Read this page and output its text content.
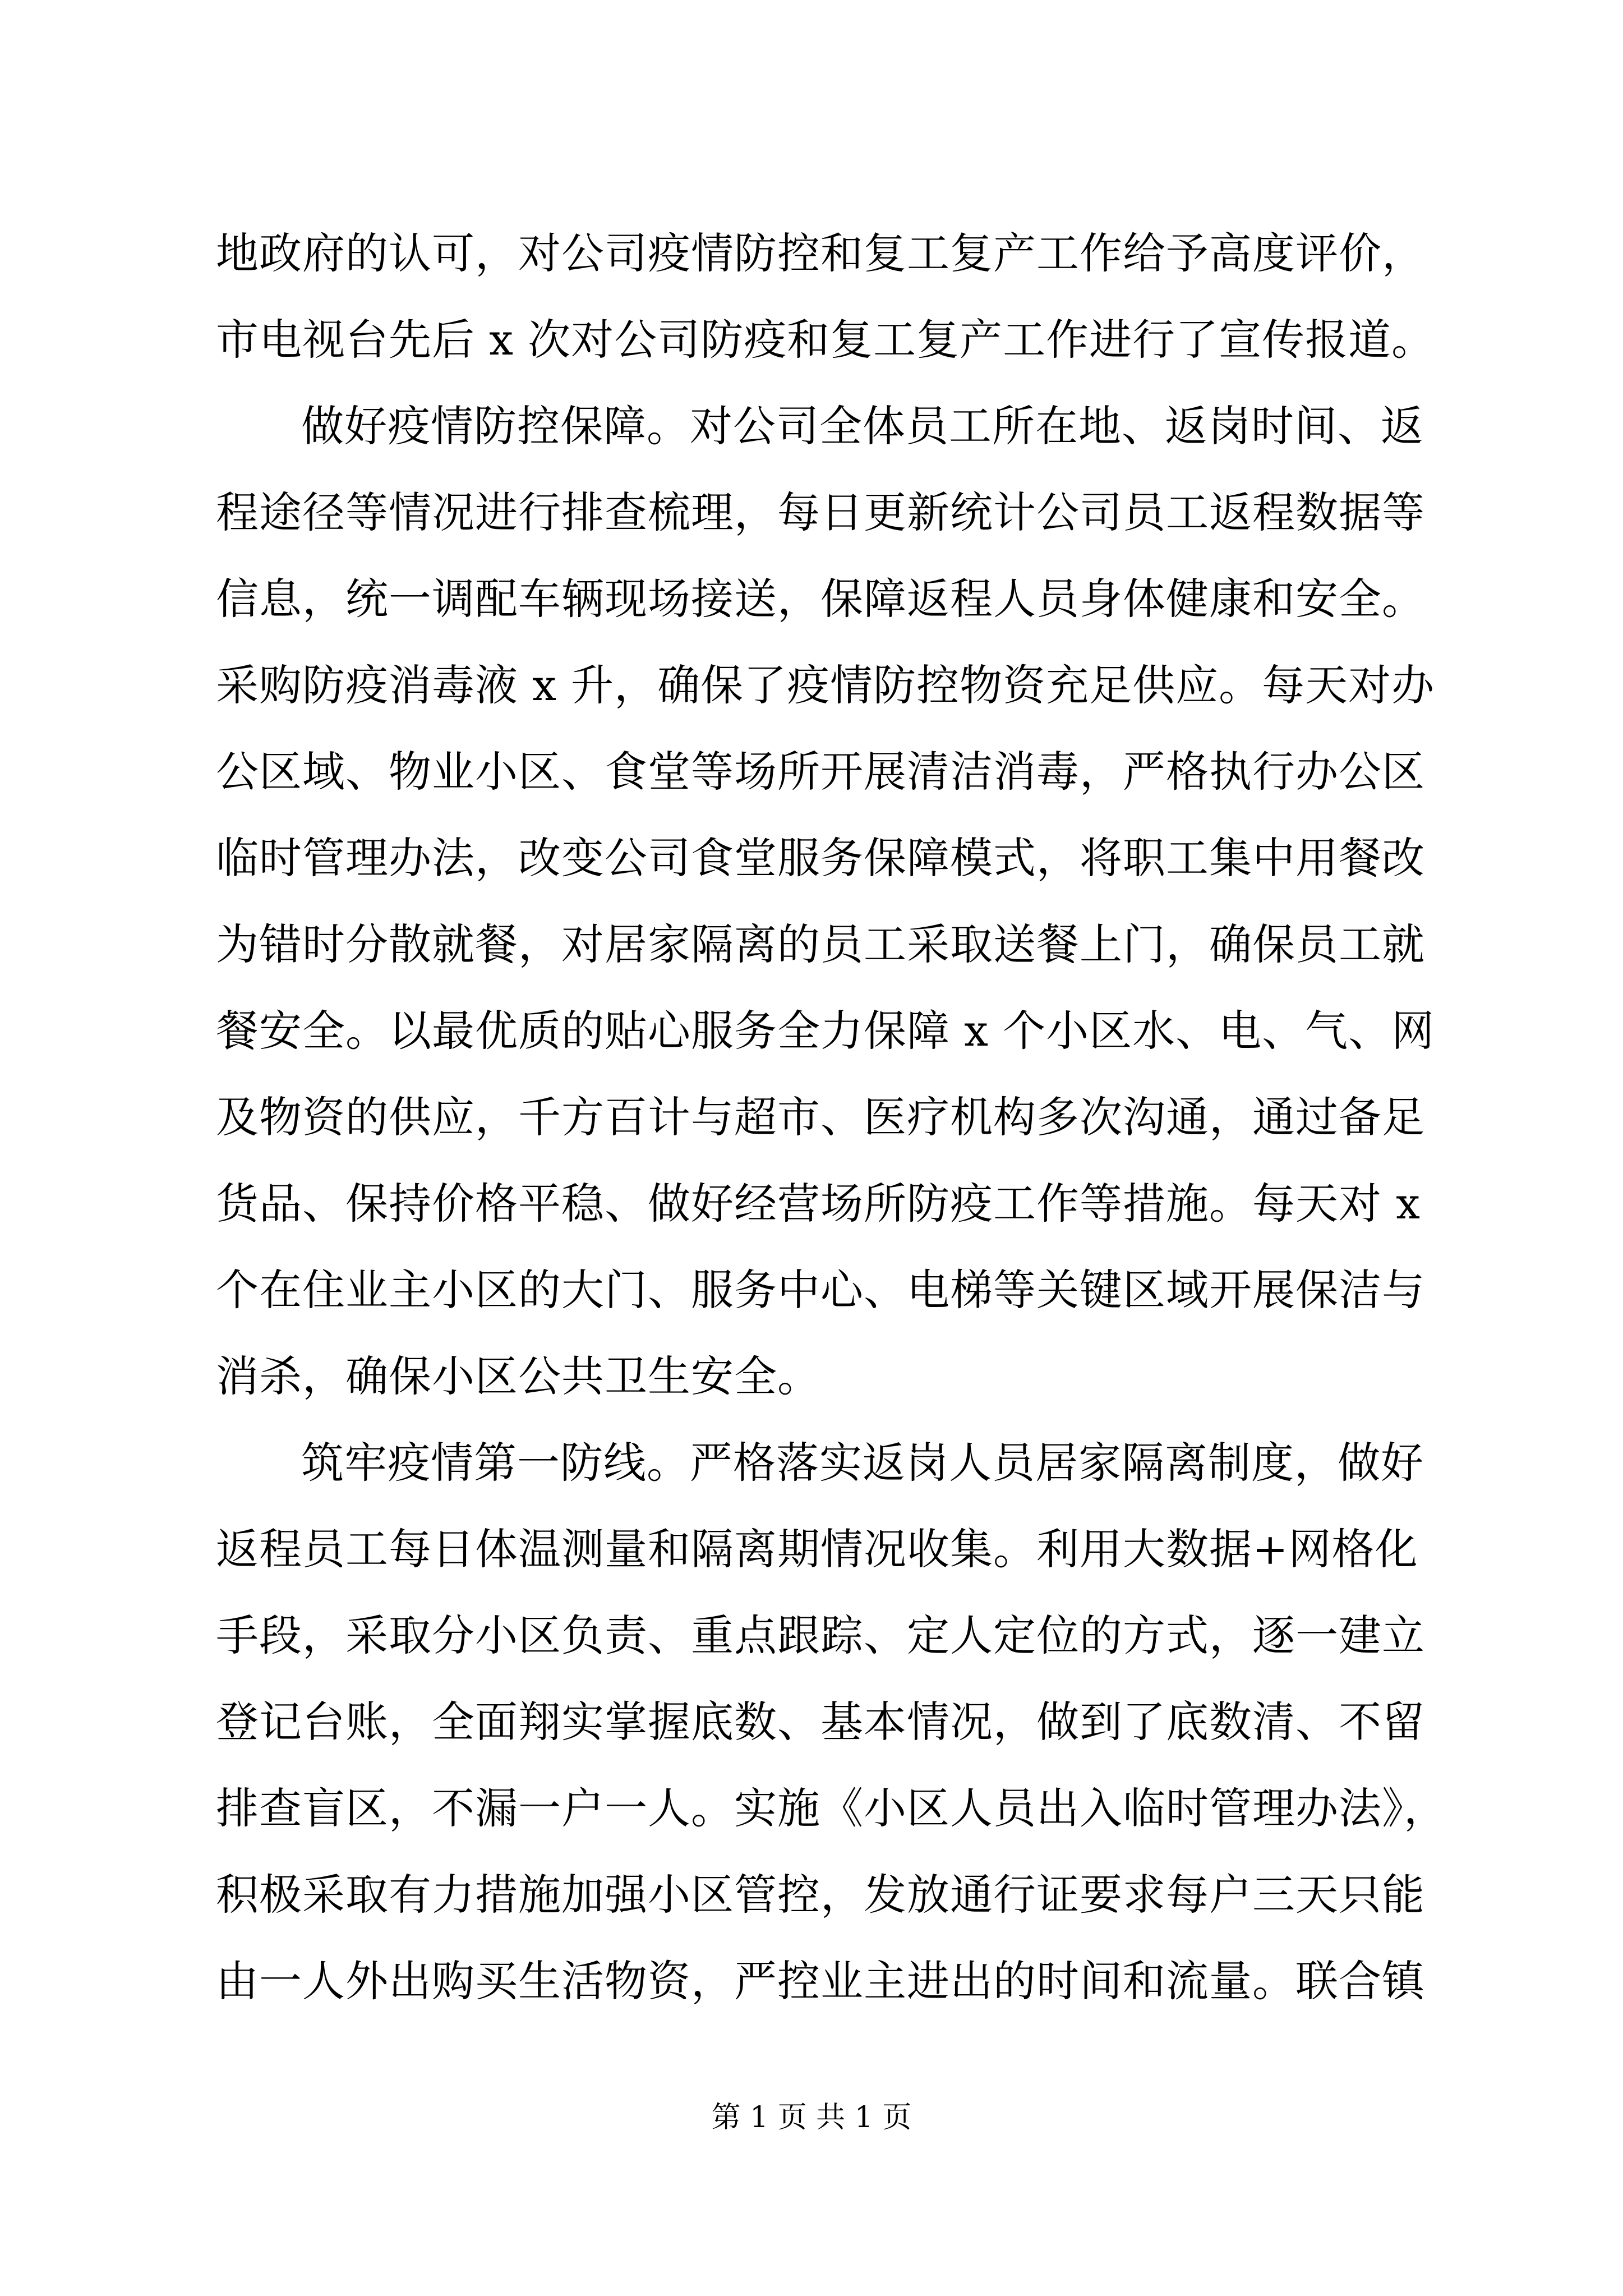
地政府的认可，对公司疫情防控和复工复产工作给予高度评价，
市电视台先后 x 次对公司防疫和复工复产工作进行了宣传报道。
做好疫情防控保障。对公司全体员工所在地、返岗时间、返
程途径等情况进行排查梳理，每日更新统计公司员工返程数据等
信息，统一调配车辆现场接送，保障返程人员身体健康和安全。
采购防疫消毒液 x 升，确保了疫情防控物资充足供应。每天对办
公区域、物业小区、食堂等场所开展清洁消毒，严格执行办公区
临时管理办法，改变公司食堂服务保障模式，将职工集中用餐改
为错时分散就餐，对居家隔离的员工采取送餐上门，确保员工就
餐安全。以最优质的贴心服务全力保障 x 个小区水、电、气、网
及物资的供应，千方百计与超市、医疗机构多次沟通，通过备足
货品、保持价格平稳、做好经营场所防疫工作等措施。每天对 x
个在住业主小区的大门、服务中心、电梯等关键区域开展保洁与
消杀，确保小区公共卫生安全。
筑牢疫情第一防线。严格落实返岗人员居家隔离制度，做好
返程员工每日体温测量和隔离期情况收集。利用大数据+网格化
手段，采取分小区负责、重点跟踪、定人定位的方式，逐一建立
登记台账，全面翔实掌握底数、基本情况，做到了底数清、不留
排查盲区，不漏一户一人。实施《小区人员出入临时管理办法》，
积极采取有力措施加强小区管控，发放通行证要求每户三天只能
由一人外出购买生活物资，严控业主进出的时间和流量。联合镇
第 1 页 共 1 页
